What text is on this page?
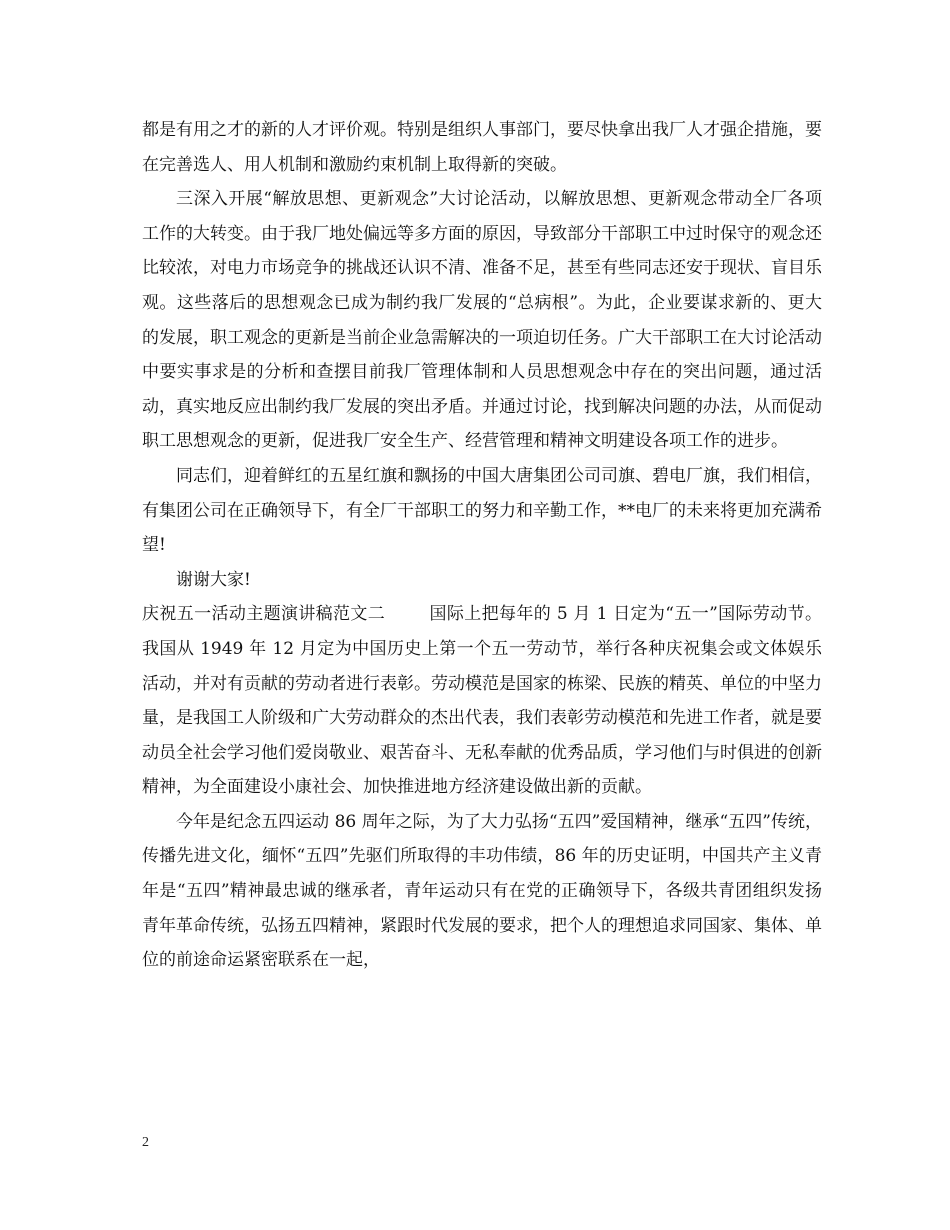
都是有用之才的新的人才评价观。特别是组织人事部门，要尽快拿出我厂人才强企措施，要在完善选人、用人机制和激励约束机制上取得新的突破。

三深入开展“解放思想、更新观念”大讨论活动，以解放思想、更新观念带动全厂各项工作的大转变。由于我厂地处偏远等多方面的原因，导致部分干部职工中过时保守的观念还比较浓，对电力市场竞争的挑战还认识不清、准备不足，甚至有些同志还安于现状、盲目乐观。这些落后的思想观念已成为制约我厂发展的“总病根”。为此，企业要谋求新的、更大的发展，职工观念的更新是当前企业急需解决的一项迫切任务。广大干部职工在大讨论活动中要实事求是的分析和查摆目前我厂管理体制和人员思想观念中存在的突出问题，通过活动，真实地反应出制约我厂发展的突出矛盾。并通过讨论，找到解决问题的办法，从而促动职工思想观念的更新，促进我厂安全生产、经营管理和精神文明建设各项工作的进步。

同志们，迎着鲜红的五星红旗和飘扬的中国大唐集团公司司旗、碧电厂旗，我们相信，有集团公司在正确领导下，有全厂干部职工的努力和辛勤工作，**电厂的未来将更加充满希望!

谢谢大家!

庆祝五一活动主题演讲稿范文二	国际上把每年的 5 月 1 日定为“五一”国际劳动节。我国从 1949 年 12 月定为中国历史上第一个五一劳动节，举行各种庆祝集会或文体娱乐活动，并对有贡献的劳动者进行表彰。劳动模范是国家的栋梁、民族的精英、单位的中坚力量，是我国工人阶级和广大劳动群众的杰出代表，我们表彰劳动模范和先进工作者，就是要动员全社会学习他们爱岗敬业、艰苦奋斗、无私奉献的优秀品质，学习他们与时俱进的创新精神，为全面建设小康社会、加快推进地方经济建设做出新的贡献。

今年是纪念五四运动 86 周年之际，为了大力弘扬“五四”爱国精神，继承“五四”传统，传播先进文化，缅怀“五四”先驱们所取得的丰功伟绩，86 年的历史证明，中国共产主义青年是“五四”精神最忠诚的继承者，青年运动只有在党的正确领导下，各级共青团组织发扬青年革命传统，弘扬五四精神，紧跟时代发展的要求，把个人的理想追求同国家、集体、单位的前途命运紧密联系在一起，

2
